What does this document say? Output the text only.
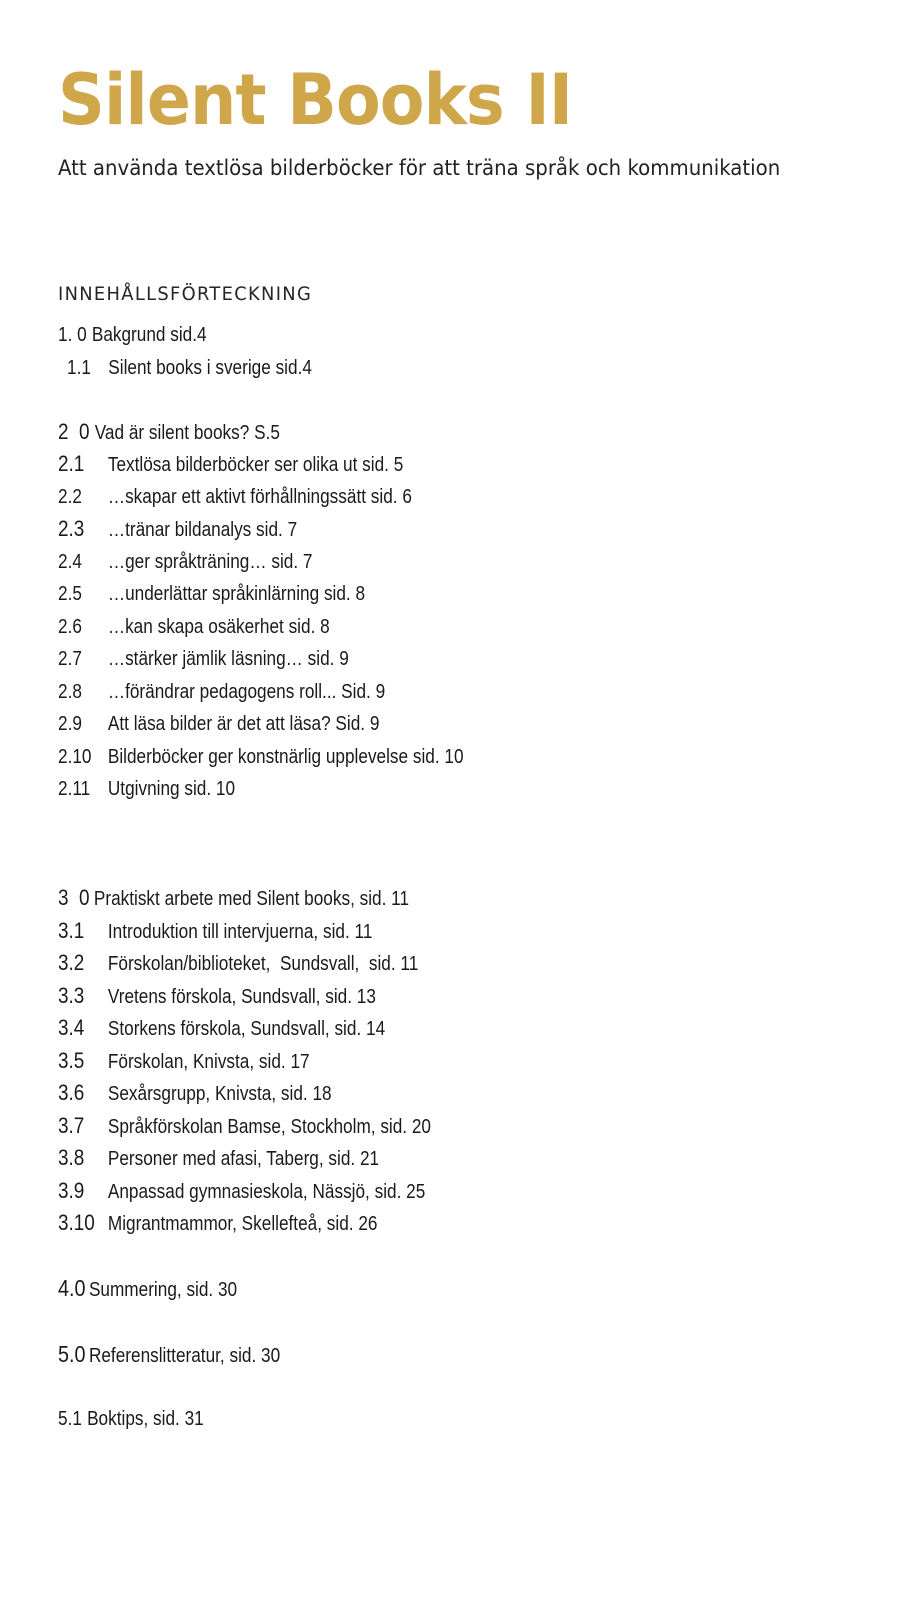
Silent Books II
Att använda textlösa bilderböcker för att träna språk och kommunikation
INNEHÅLLSFÖRTECKNING
1. 0 Bakgrund sid.4
1.1 Silent books i sverige sid.4
2  0 Vad är silent books? S.5
2.1 Textlösa bilderböcker ser olika ut sid. 5
2.2 …skapar ett aktivt förhållningssätt sid. 6
2.3 …tränar bildanalys sid. 7
2.4 …ger språkträning… sid. 7
2.5 …underlättar språkinlärning sid. 8
2.6 …kan skapa osäkerhet sid. 8
2.7 …stärker jämlik läsning… sid. 9
2.8 …förändrar pedagogens roll... Sid. 9
2.9 Att läsa bilder är det att läsa? Sid. 9
2.10 Bilderböcker ger konstnärlig upplevelse sid. 10
2.11 Utgivning sid. 10
3  0 Praktiskt arbete med Silent books, sid. 11
3.1 Introduktion till intervjuerna, sid. 11
3.2 Förskolan/biblioteket,  Sundsvall,  sid. 11
3.3 Vretens förskola, Sundsvall, sid. 13
3.4 Storkens förskola, Sundsvall, sid. 14
3.5 Förskolan, Knivsta, sid. 17
3.6 Sexårsgrupp, Knivsta, sid. 18
3.7 Språkförskolan Bamse, Stockholm, sid. 20
3.8 Personer med afasi, Taberg, sid. 21
3.9 Anpassad gymnasieskola, Nässjö, sid. 25
3.10 Migrantmammor, Skellefteå, sid. 26
4.0 Summering, sid. 30
5.0 Referenslitteratur, sid. 30
5.1 Boktips, sid. 31
